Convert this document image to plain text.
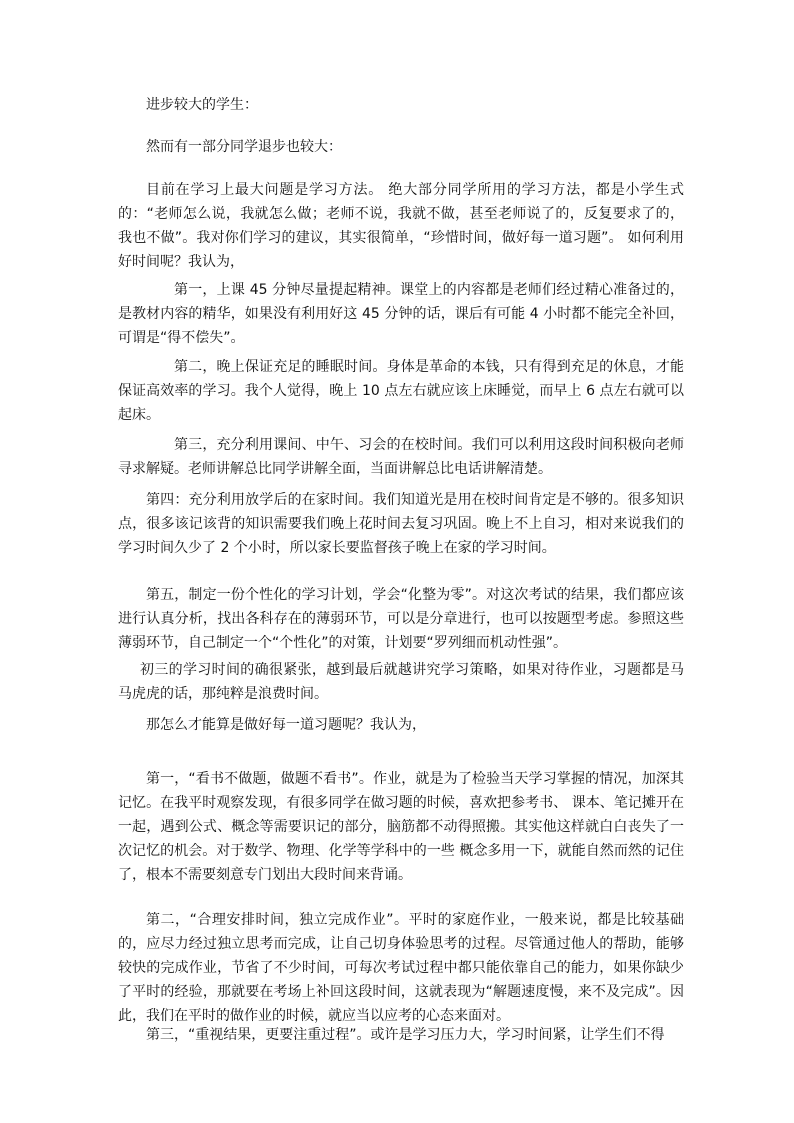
进步较大的学生：

然而有一部分同学退步也较大：

目前在学习上最大问题是学习方法。 绝大部分同学所用的学习方法，都是小学生式的：“老师怎么说，我就怎么做；老师不说，我就不做，甚至老师说了的，反复要求了的，我也不做”。我对你们学习的建议，其实很简单，“珍惜时间，做好每一道习题”。 如何利用好时间呢？我认为，

第一，上课 45 分钟尽量提起精神。课堂上的内容都是老师们经过精心准备过的，是教材内容的精华，如果没有利用好这 45 分钟的话，课后有可能 4 小时都不能完全补回，可谓是“得不偿失”。

第二，晚上保证充足的睡眠时间。身体是革命的本钱，只有得到充足的休息，才能保证高效率的学习。我个人觉得，晚上 10 点左右就应该上床睡觉，而早上 6 点左右就可以起床。

第三，充分利用课间、中午、习会的在校时间。我们可以利用这段时间积极向老师寻求解疑。老师讲解总比同学讲解全面，当面讲解总比电话讲解清楚。

第四：充分利用放学后的在家时间。我们知道光是用在校时间肯定是不够的。很多知识点，很多该记该背的知识需要我们晚上花时间去复习巩固。晚上不上自习，相对来说我们的学习时间久少了 2 个小时，所以家长要监督孩子晚上在家的学习时间。

第五，制定一份个性化的学习计划，学会“化整为零”。对这次考试的结果，我们都应该进行认真分析，找出各科存在的薄弱环节，可以是分章进行，也可以按题型考虑。参照这些薄弱环节，自己制定一个“个性化”的对策，计划要“罗列细而机动性强”。

初三的学习时间的确很紧张，越到最后就越讲究学习策略，如果对待作业，习题都是马马虎虎的话，那纯粹是浪费时间。

那怎么才能算是做好每一道习题呢？我认为，

第一，“看书不做题，做题不看书”。作业，就是为了检验当天学习掌握的情况，加深其记忆。在我平时观察发现，有很多同学在做习题的时候，喜欢把参考书、 课本、笔记摊开在一起，遇到公式、概念等需要识记的部分，脑筋都不动得照搬。其实他这样就白白丧失了一次记忆的机会。对于数学、物理、化学等学科中的一些 概念多用一下，就能自然而然的记住了，根本不需要刻意专门划出大段时间来背诵。

第二，“合理安排时间，独立完成作业”。平时的家庭作业，一般来说，都是比较基础的，应尽力经过独立思考而完成，让自己切身体验思考的过程。尽管通过他人的帮助，能够较快的完成作业，节省了不少时间，可每次考试过程中都只能依靠自己的能力，如果你缺少了平时的经验，那就要在考场上补回这段时间，这就表现为“解题速度慢，来不及完成”。因此，我们在平时的做作业的时候，就应当以应考的心态来面对。

第三，“重视结果，更要注重过程”。或许是学习压力大，学习时间紧，让学生们不得
